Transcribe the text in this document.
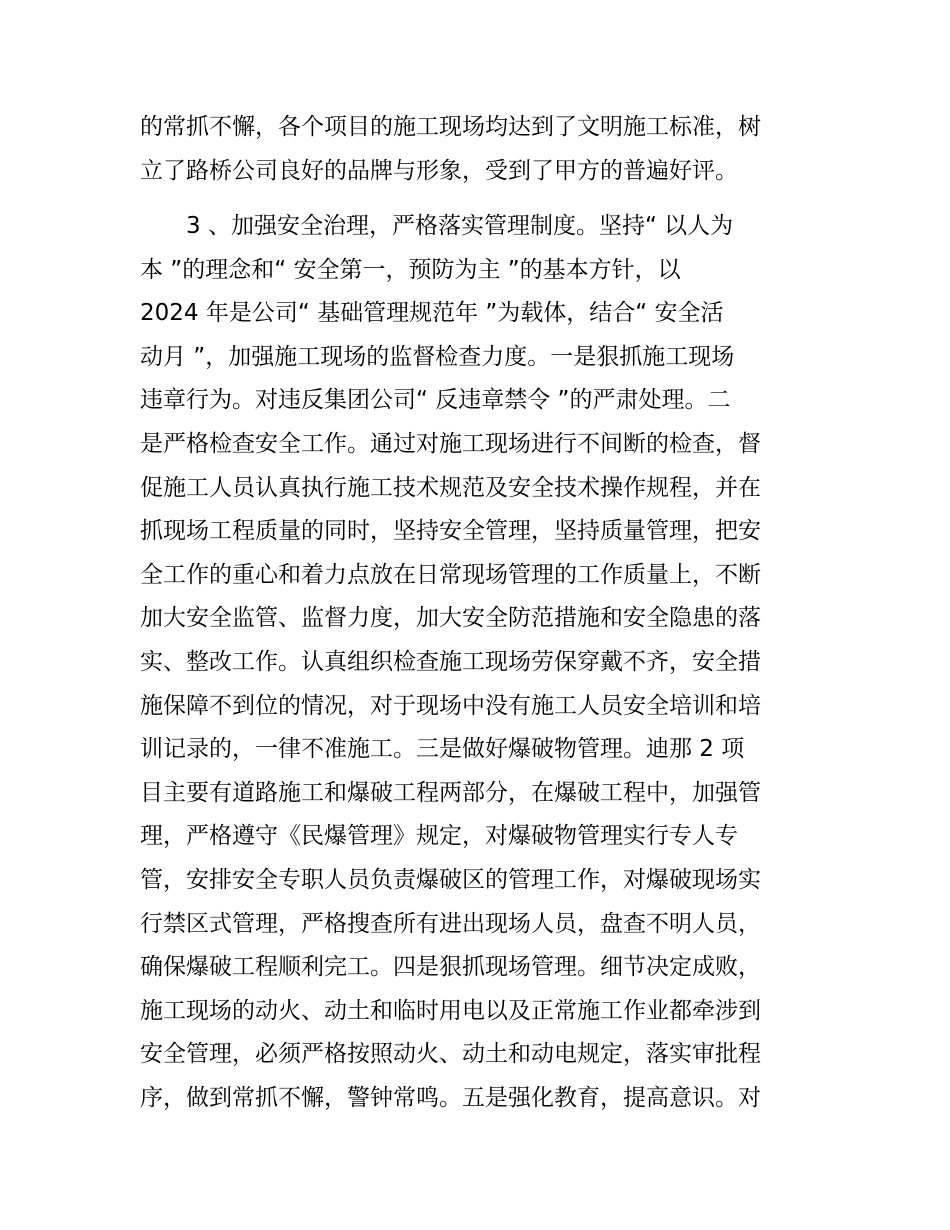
的常抓不懈，各个项目的施工现场均达到了文明施工标准，树
立了路桥公司良好的品牌与形象，受到了甲方的普遍好评。
　　3 、加强安全治理，严格落实管理制度。坚持“ 以人为
本 ”的理念和“ 安全第一，预防为主 ”的基本方针，以
2024 年是公司“ 基础管理规范年 ”为载体，结合“ 安全活
动月 ”，加强施工现场的监督检查力度。一是狠抓施工现场
违章行为。对违反集团公司“ 反违章禁令 ”的严肃处理。二
是严格检查安全工作。通过对施工现场进行不间断的检查，督
促施工人员认真执行施工技术规范及安全技术操作规程，并在
抓现场工程质量的同时，坚持安全管理，坚持质量管理，把安
全工作的重心和着力点放在日常现场管理的工作质量上，不断
加大安全监管、监督力度，加大安全防范措施和安全隐患的落
实、整改工作。认真组织检查施工现场劳保穿戴不齐，安全措
施保障不到位的情况，对于现场中没有施工人员安全培训和培
训记录的，一律不准施工。三是做好爆破物管理。迪那 2 项
目主要有道路施工和爆破工程两部分，在爆破工程中，加强管
理，严格遵守《民爆管理》规定，对爆破物管理实行专人专
管，安排安全专职人员负责爆破区的管理工作，对爆破现场实
行禁区式管理，严格搜查所有进出现场人员，盘查不明人员，
确保爆破工程顺利完工。四是狠抓现场管理。细节决定成败，
施工现场的动火、动土和临时用电以及正常施工作业都牵涉到
安全管理，必须严格按照动火、动土和动电规定，落实审批程
序，做到常抓不懈，警钟常鸣。五是强化教育，提高意识。对
